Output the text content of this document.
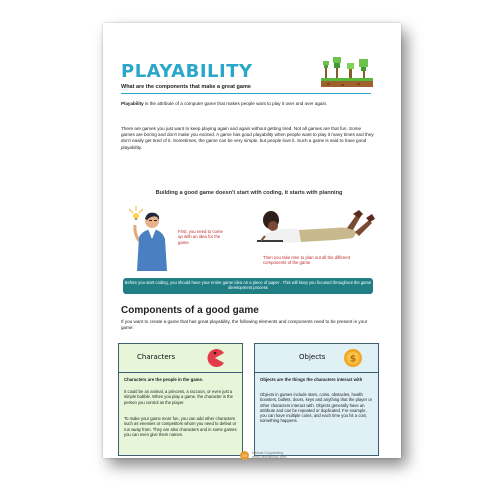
PLAYABILITY
What are the components that make a great game
Playability is the attribute of a computer game that makes people want to play it over and over again.
There are games you just want to keep playing again and again without getting tired. Not all games are that fun. Some games are boring and don't make you excited. A game has good playability when people want to play it many times and they don't easily get tired of it. Sometimes, the game can be very simple, but people love it. Such a game is said to have good playability.
Building a good game doesn't start with coding, it starts with planning
First, you need to come up with an idea for the game
Then you take time to plan out all the different components of the game
Before you start coding, you should have your entire game idea on a piece of paper . This will keep you focused throughout the game development process
Components of a good game
If you want to create a game that has great playability, the following elements and components need to be present in your game:
Characters
Characters are the people in the game.
It could be an animal, a princess, a raccoon, or even just a simple bubble. When you play a game, the character is the person you control as the player.
To make your game more fun, you can add other characters such as enemies or competitors whom you need to defeat or run away from. They are also characters and in some games you can even give them names.
Objects	$
Objects are the things the characters interact with
Objects in games include stars, coins, obstacles, health boosters, bullets, doors, keys and anything that the player or other characters interact with. Objects generally have an attribute and can be repeated or duplicated. For example, you can have multiple coins, and each time you hit a coin, something happens.
19	Nebula Copywriting
www.nebulacopy.com
